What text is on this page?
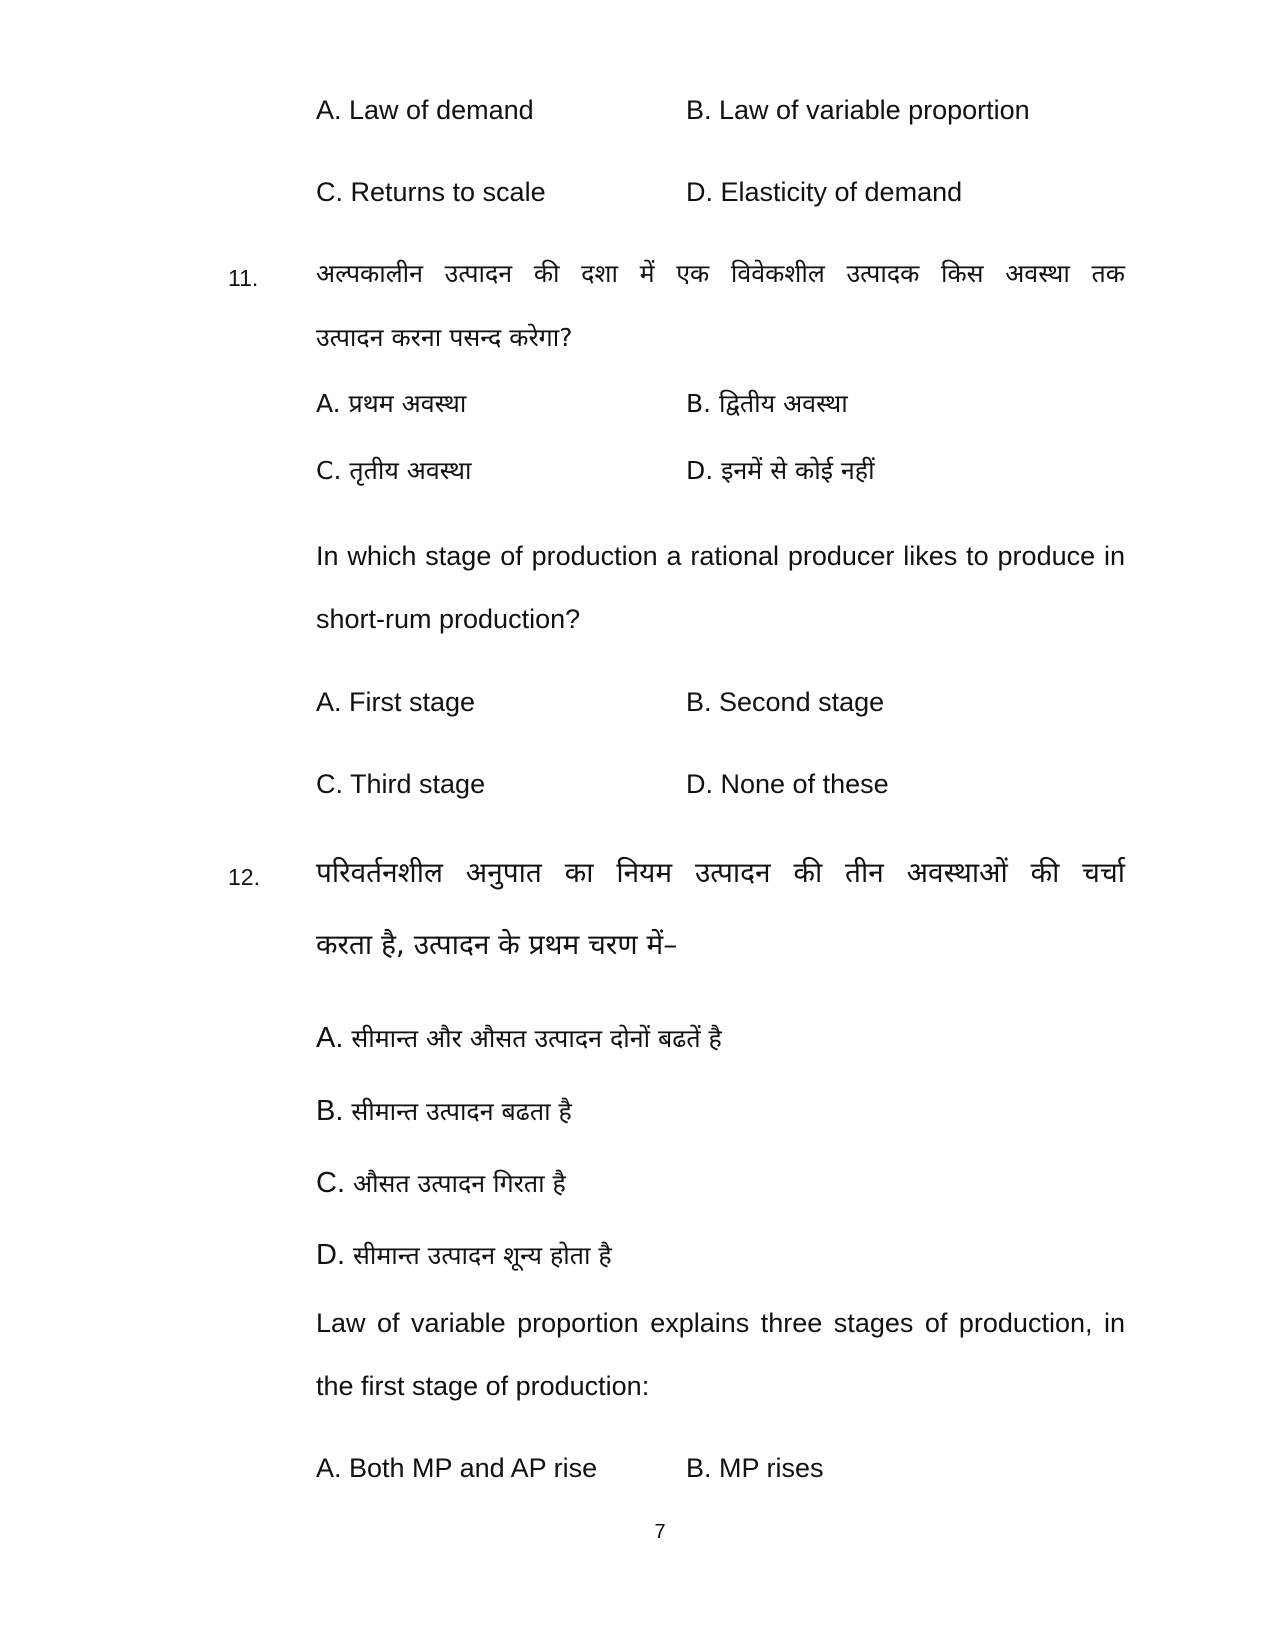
A. Law of demand	B. Law of variable proportion
C. Returns to scale	D. Elasticity of demand
11. अल्पकालीन उत्पादन की दशा में एक विवेकशील उत्पादक किस अवस्था तक
उत्पादन करना पसन्द करेगा?
A. प्रथम अवस्था	B. द्वितीय अवस्था
C. तृतीय अवस्था	D. इनमें से कोई नहीं
In which stage of production a rational producer likes to produce in
short-rum production?
A. First stage	B. Second stage
C. Third stage	D. None of these
12. परिवर्तनशील अनुपात का नियम उत्पादन की तीन अवस्थाओं की चर्चा
करता है, उत्पादन के प्रथम चरण में–
A. सीमान्त और औसत उत्पादन दोनों बढतें है
B. सीमान्त उत्पादन बढता है
C. औसत उत्पादन गिरता है
D. सीमान्त उत्पादन शून्य होता है
Law of variable proportion explains three stages of production, in
the first stage of production:
A. Both MP and AP rise	B. MP rises
7
